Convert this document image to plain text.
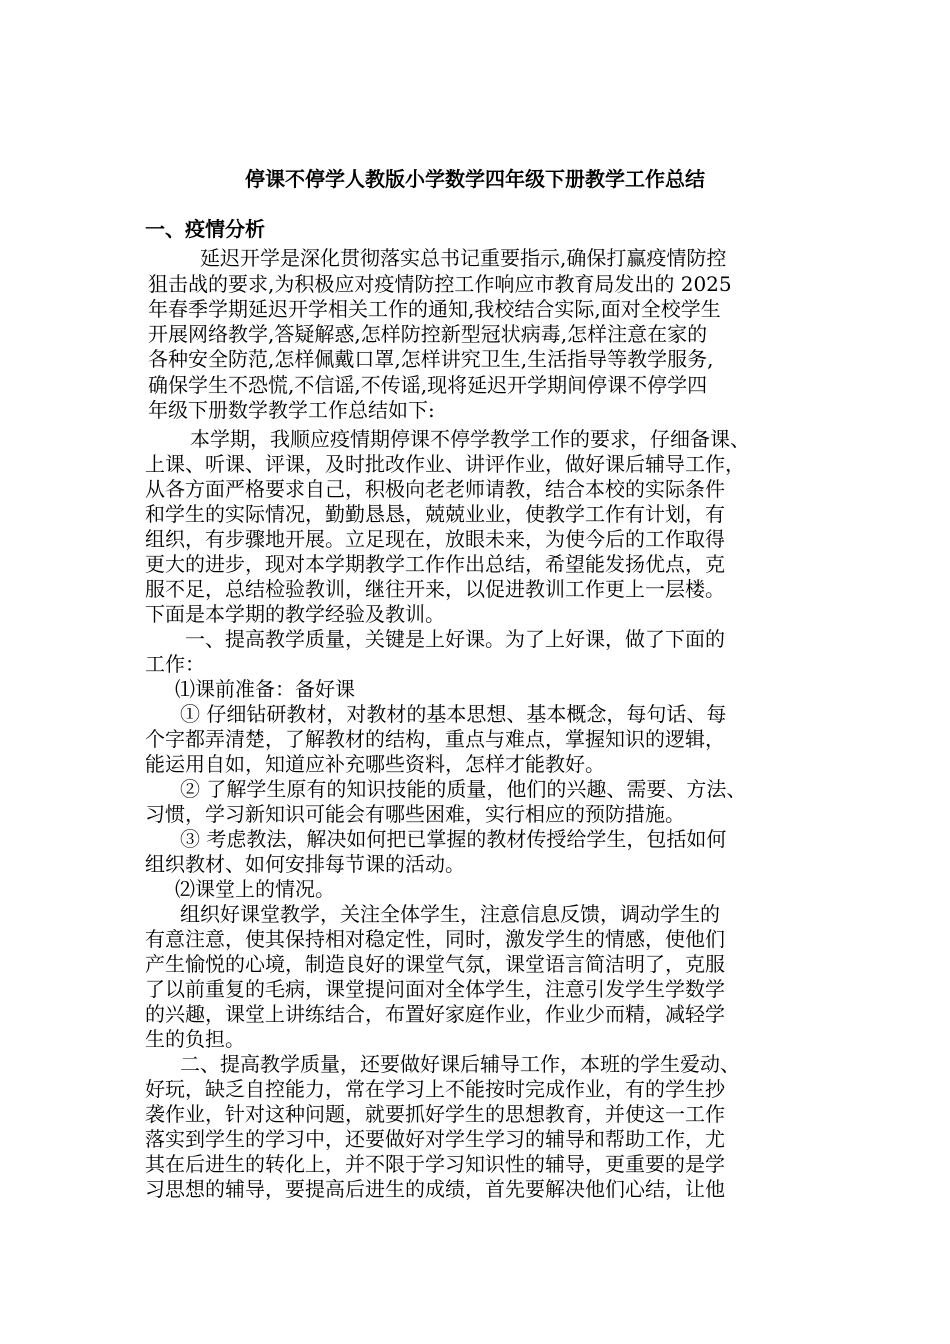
停课不停学人教版小学数学四年级下册教学工作总结
一、疫情分析
延迟开学是深化贯彻落实总书记重要指示,确保打赢疫情防控
狙击战的要求,为积极应对疫情防控工作响应市教育局发出的 2025
年春季学期延迟开学相关工作的通知,我校结合实际,面对全校学生
开展网络教学,答疑解惑,怎样防控新型冠状病毒,怎样注意在家的
各种安全防范,怎样佩戴口罩,怎样讲究卫生,生活指导等教学服务,
确保学生不恐慌,不信谣,不传谣,现将延迟开学期间停课不停学四
年级下册数学教学工作总结如下:
本学期，我顺应疫情期停课不停学教学工作的要求，仔细备课、
上课、听课、评课，及时批改作业、讲评作业，做好课后辅导工作，
从各方面严格要求自己，积极向老老师请教，结合本校的实际条件
和学生的实际情况，勤勤恳恳，兢兢业业，使教学工作有计划，有
组织，有步骤地开展。立足现在，放眼未来，为使今后的工作取得
更大的进步，现对本学期教学工作作出总结，希望能发扬优点，克
服不足，总结检验教训，继往开来，以促进教训工作更上一层楼。
下面是本学期的教学经验及教训。
一、提高教学质量，关键是上好课。为了上好课，做了下面的
工作：
⑴课前准备：备好课
① 仔细钻研教材，对教材的基本思想、基本概念，每句话、每
个字都弄清楚，了解教材的结构，重点与难点，掌握知识的逻辑，
能运用自如，知道应补充哪些资料，怎样才能教好。
② 了解学生原有的知识技能的质量，他们的兴趣、需要、方法、
习惯，学习新知识可能会有哪些困难，实行相应的预防措施。
③ 考虑教法，解决如何把已掌握的教材传授给学生，包括如何
组织教材、如何安排每节课的活动。
⑵课堂上的情况。
组织好课堂教学，关注全体学生，注意信息反馈，调动学生的
有意注意，使其保持相对稳定性，同时，激发学生的情感，使他们
产生愉悦的心境，制造良好的课堂气氛，课堂语言简洁明了，克服
了以前重复的毛病，课堂提问面对全体学生，注意引发学生学数学
的兴趣，课堂上讲练结合，布置好家庭作业，作业少而精，减轻学
生的负担。
二、提高教学质量，还要做好课后辅导工作，本班的学生爱动、
好玩，缺乏自控能力，常在学习上不能按时完成作业，有的学生抄
袭作业，针对这种问题，就要抓好学生的思想教育，并使这一工作
落实到学生的学习中，还要做好对学生学习的辅导和帮助工作，尤
其在后进生的转化上，并不限于学习知识性的辅导，更重要的是学
习思想的辅导，要提高后进生的成绩，首先要解决他们心结，让他
